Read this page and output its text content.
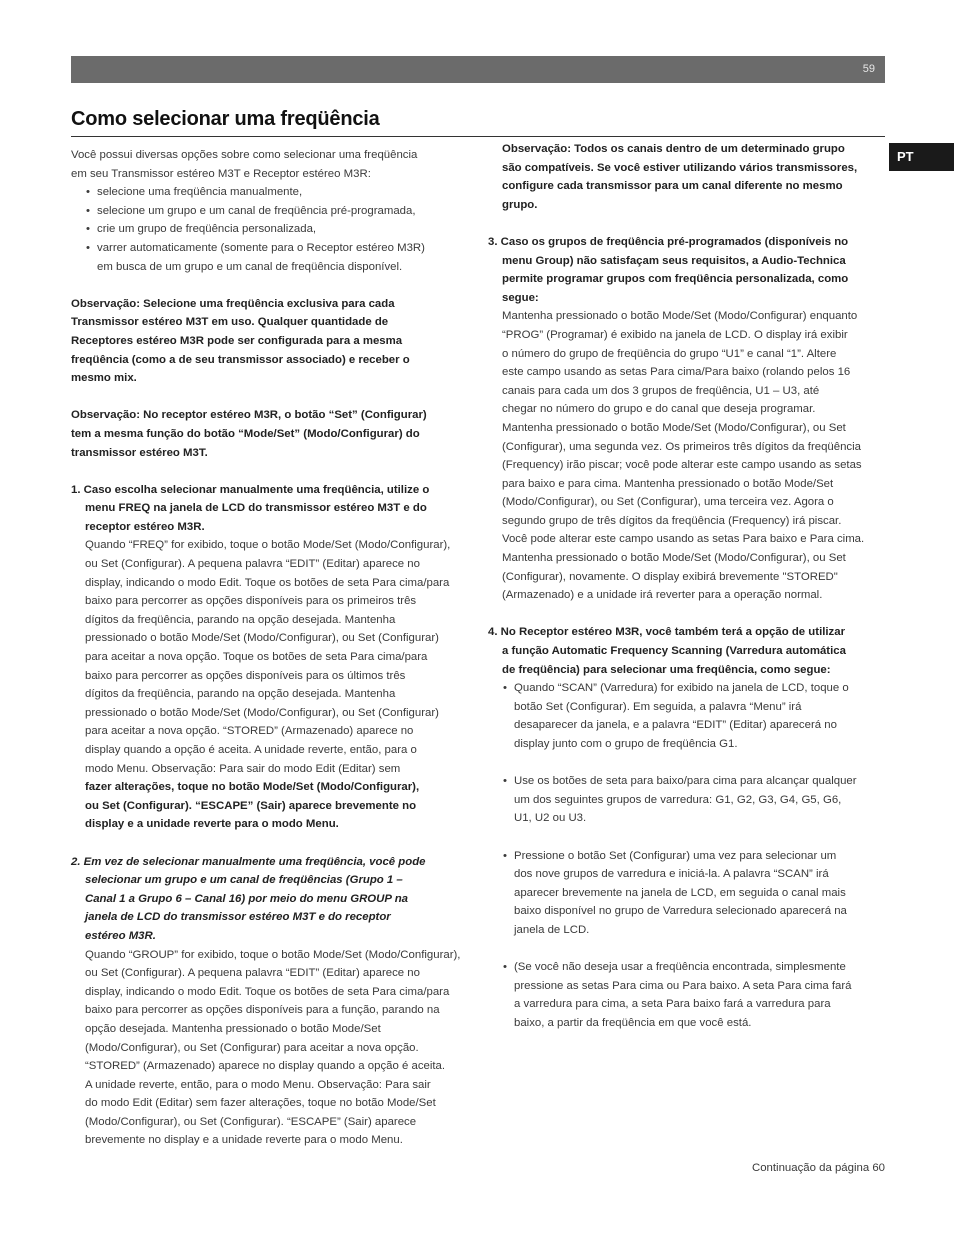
59
Como selecionar uma freqüência
PT

Você possui diversas opções sobre como selecionar uma freqüência

em seu Transmissor estéreo M3T e Receptor estéreo M3R:

• selecione uma freqüência manualmente,

• selecione um grupo e um canal de freqüência pré-programada,

• crie um grupo de freqüência personalizada,

• varrer automaticamente (somente para o Receptor estéreo M3R)

em busca de um grupo e um canal de freqüência disponível.

Observação: Selecione uma freqüência exclusiva para cada

Transmissor estéreo M3T em uso. Qualquer quantidade de

Receptores estéreo M3R pode ser configurada para a mesma

freqüência (como a de seu transmissor associado) e receber o

mesmo mix.

Observação: No receptor estéreo M3R, o botão “Set” (Configurar)

tem a mesma função do botão “Mode/Set” (Modo/Configurar) do

transmissor estéreo M3T.

1. Caso escolha selecionar manualmente uma freqüência, utilize o

menu FREQ na janela de LCD do transmissor estéreo M3T e do

receptor estéreo M3R.

Quando “FREQ” for exibido, toque o botão Mode/Set (Modo/Configurar),

ou Set (Configurar). A pequena palavra “EDIT” (Editar) aparece no

display, indicando o modo Edit. Toque os botões de seta Para cima/para

baixo para percorrer as opções disponíveis para os primeiros três

dígitos da freqüência, parando na opção desejada. Mantenha

pressionado o botão Mode/Set (Modo/Configurar), ou Set (Configurar)

para aceitar a nova opção. Toque os botões de seta Para cima/para

baixo para percorrer as opções disponíveis para os últimos três

dígitos da freqüência, parando na opção desejada. Mantenha

pressionado o botão Mode/Set (Modo/Configurar), ou Set (Configurar)

para aceitar a nova opção. “STORED” (Armazenado) aparece no

display quando a opção é aceita. A unidade reverte, então, para o

modo Menu. Observação: Para sair do modo Edit (Editar) sem

fazer alterações, toque no botão Mode/Set (Modo/Configurar),

ou Set (Configurar). “ESCAPE” (Sair) aparece brevemente no

display e a unidade reverte para o modo Menu.

2. Em vez de selecionar manualmente uma freqüência, você pode

selecionar um grupo e um canal de freqüências (Grupo 1 –

Canal 1 a Grupo 6 – Canal 16) por meio do menu GROUP na

janela de LCD do transmissor estéreo M3T e do receptor

estéreo M3R.

Quando “GROUP” for exibido, toque o botão Mode/Set (Modo/Configurar),

ou Set (Configurar). A pequena palavra “EDIT” (Editar) aparece no

display, indicando o modo Edit. Toque os botões de seta Para cima/para

baixo para percorrer as opções disponíveis para a função, parando na

opção desejada. Mantenha pressionado o botão Mode/Set

(Modo/Configurar), ou Set (Configurar) para aceitar a nova opção.

“STORED” (Armazenado) aparece no display quando a opção é aceita.

A unidade reverte, então, para o modo Menu. Observação: Para sair

do modo Edit (Editar) sem fazer alterações, toque no botão Mode/Set

(Modo/Configurar), ou Set (Configurar). “ESCAPE” (Sair) aparece

brevemente no display e a unidade reverte para o modo Menu.

Observação: Todos os canais dentro de um determinado grupo

são compatíveis. Se você estiver utilizando vários transmissores,

configure cada transmissor para um canal diferente no mesmo

grupo.

3. Caso os grupos de freqüência pré-programados (disponíveis no

menu Group) não satisfaçam seus requisitos, a Audio-Technica

permite programar grupos com freqüência personalizada, como

segue:

Mantenha pressionado o botão Mode/Set (Modo/Configurar) enquanto

“PROG” (Programar) é exibido na janela de LCD. O display irá exibir

o número do grupo de freqüência do grupo “U1” e canal “1”. Altere

este campo usando as setas Para cima/Para baixo (rolando pelos 16

canais para cada um dos 3 grupos de freqüência, U1 – U3, até

chegar no número do grupo e do canal que deseja programar.

Mantenha pressionado o botão Mode/Set (Modo/Configurar), ou Set

(Configurar), uma segunda vez. Os primeiros três dígitos da freqüência

(Frequency) irão piscar; você pode alterar este campo usando as setas

para baixo e para cima. Mantenha pressionado o botão Mode/Set

(Modo/Configurar), ou Set (Configurar), uma terceira vez. Agora o

segundo grupo de três dígitos da freqüência (Frequency) irá piscar.

Você pode alterar este campo usando as setas Para baixo e Para cima.

Mantenha pressionado o botão Mode/Set (Modo/Configurar), ou Set

(Configurar), novamente. O display exibirá brevemente "STORED"

(Armazenado) e a unidade irá reverter para a operação normal.

4. No Receptor estéreo M3R, você também terá a opção de utilizar

a função Automatic Frequency Scanning (Varredura automática

de freqüência) para selecionar uma freqüência, como segue:

• Quando “SCAN” (Varredura) for exibido na janela de LCD, toque o

botão Set (Configurar). Em seguida, a palavra “Menu” irá

desaparecer da janela, e a palavra “EDIT” (Editar) aparecerá no

display junto com o grupo de freqüência G1.

• Use os botões de seta para baixo/para cima para alcançar qualquer

um dos seguintes grupos de varredura: G1, G2, G3, G4, G5, G6,

U1, U2 ou U3.

• Pressione o botão Set (Configurar) uma vez para selecionar um

dos nove grupos de varredura e iniciá-la. A palavra “SCAN” irá

aparecer brevemente na janela de LCD, em seguida o canal mais

baixo disponível no grupo de Varredura selecionado aparecerá na

janela de LCD.

• (Se você não deseja usar a freqüência encontrada, simplesmente

pressione as setas Para cima ou Para baixo. A seta Para cima fará

a varredura para cima, a seta Para baixo fará a varredura para

baixo, a partir da freqüência em que você está.

Continuação da página 60
